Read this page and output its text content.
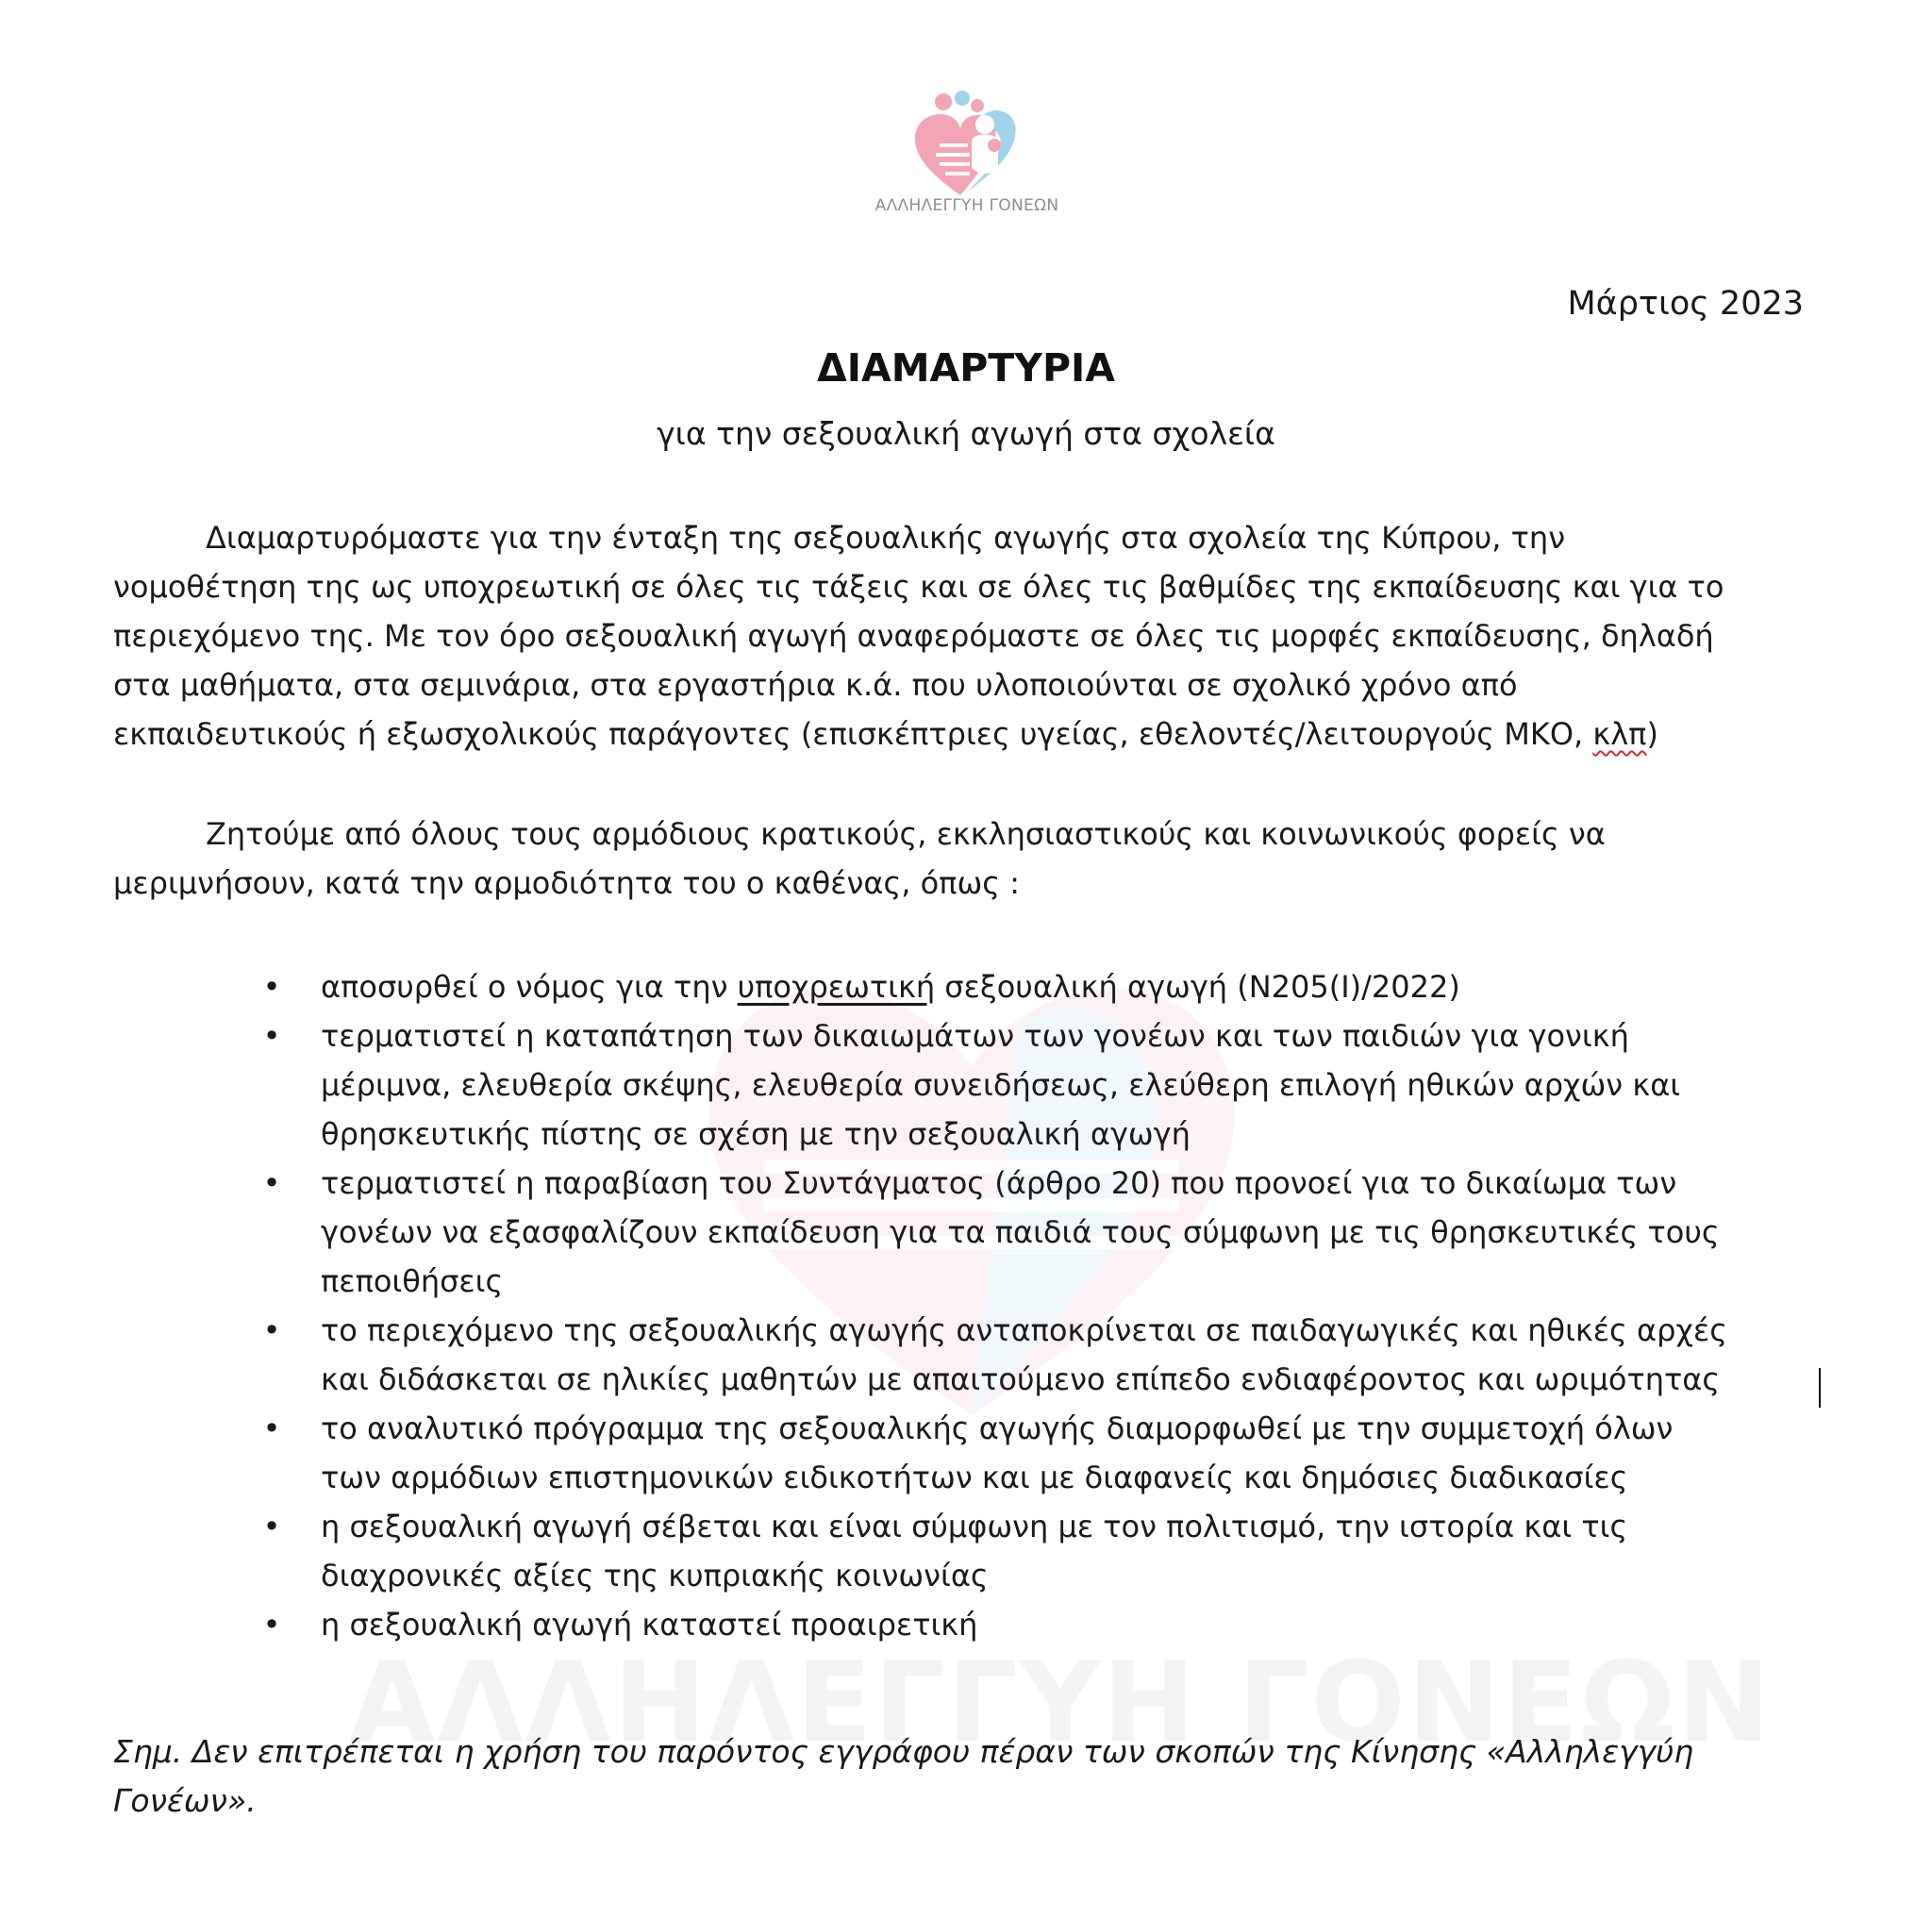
ΑΛΛΗΛΕΓΓΥΗ ΓΟΝΕΩΝ
Μάρτιος 2023
ΔΙΑΜΑΡΤΥΡΙΑ
για την σεξουαλική αγωγή στα σχολεία

Διαμαρτυρόμαστε για την ένταξη της σεξουαλικής αγωγής στα σχολεία της Κύπρου, την
νομοθέτηση της ως υποχρεωτική σε όλες τις τάξεις και σε όλες τις βαθμίδες της εκπαίδευσης και για το
περιεχόμενο της. Με τον όρο σεξουαλική αγωγή αναφερόμαστε σε όλες τις μορφές εκπαίδευσης, δηλαδή
στα μαθήματα, στα σεμινάρια, στα εργαστήρια κ.ά. που υλοποιούνται σε σχολικό χρόνο από
εκπαιδευτικούς ή εξωσχολικούς παράγοντες (επισκέπτριες υγείας, εθελοντές/λειτουργούς ΜΚΟ, κλπ)

Ζητούμε από όλους τους αρμόδιους κρατικούς, εκκλησιαστικούς και κοινωνικούς φορείς να
μεριμνήσουν, κατά την αρμοδιότητα του ο καθένας, όπως :

• αποσυρθεί ο νόμος για την υποχρεωτική σεξουαλική αγωγή (Ν205(Ι)/2022)
• τερματιστεί η καταπάτηση των δικαιωμάτων των γονέων και των παιδιών για γονική
μέριμνα, ελευθερία σκέψης, ελευθερία συνειδήσεως, ελεύθερη επιλογή ηθικών αρχών και
θρησκευτικής πίστης σε σχέση με την σεξουαλική αγωγή
• τερματιστεί η παραβίαση του Συντάγματος (άρθρο 20) που προνοεί για το δικαίωμα των
γονέων να εξασφαλίζουν εκπαίδευση για τα παιδιά τους σύμφωνη με τις θρησκευτικές τους
πεποιθήσεις
• το περιεχόμενο της σεξουαλικής αγωγής ανταποκρίνεται σε παιδαγωγικές και ηθικές αρχές
και διδάσκεται σε ηλικίες μαθητών με απαιτούμενο επίπεδο ενδιαφέροντος και ωριμότητας
• το αναλυτικό πρόγραμμα της σεξουαλικής αγωγής διαμορφωθεί με την συμμετοχή όλων
των αρμόδιων επιστημονικών ειδικοτήτων και με διαφανείς και δημόσιες διαδικασίες
• η σεξουαλική αγωγή σέβεται και είναι σύμφωνη με τον πολιτισμό, την ιστορία και τις
διαχρονικές αξίες της κυπριακής κοινωνίας
• η σεξουαλική αγωγή καταστεί προαιρετική
Σημ. Δεν επιτρέπεται η χρήση του παρόντος εγγράφου πέραν των σκοπών της Κίνησης «Αλληλεγγύη
Γονέων».
